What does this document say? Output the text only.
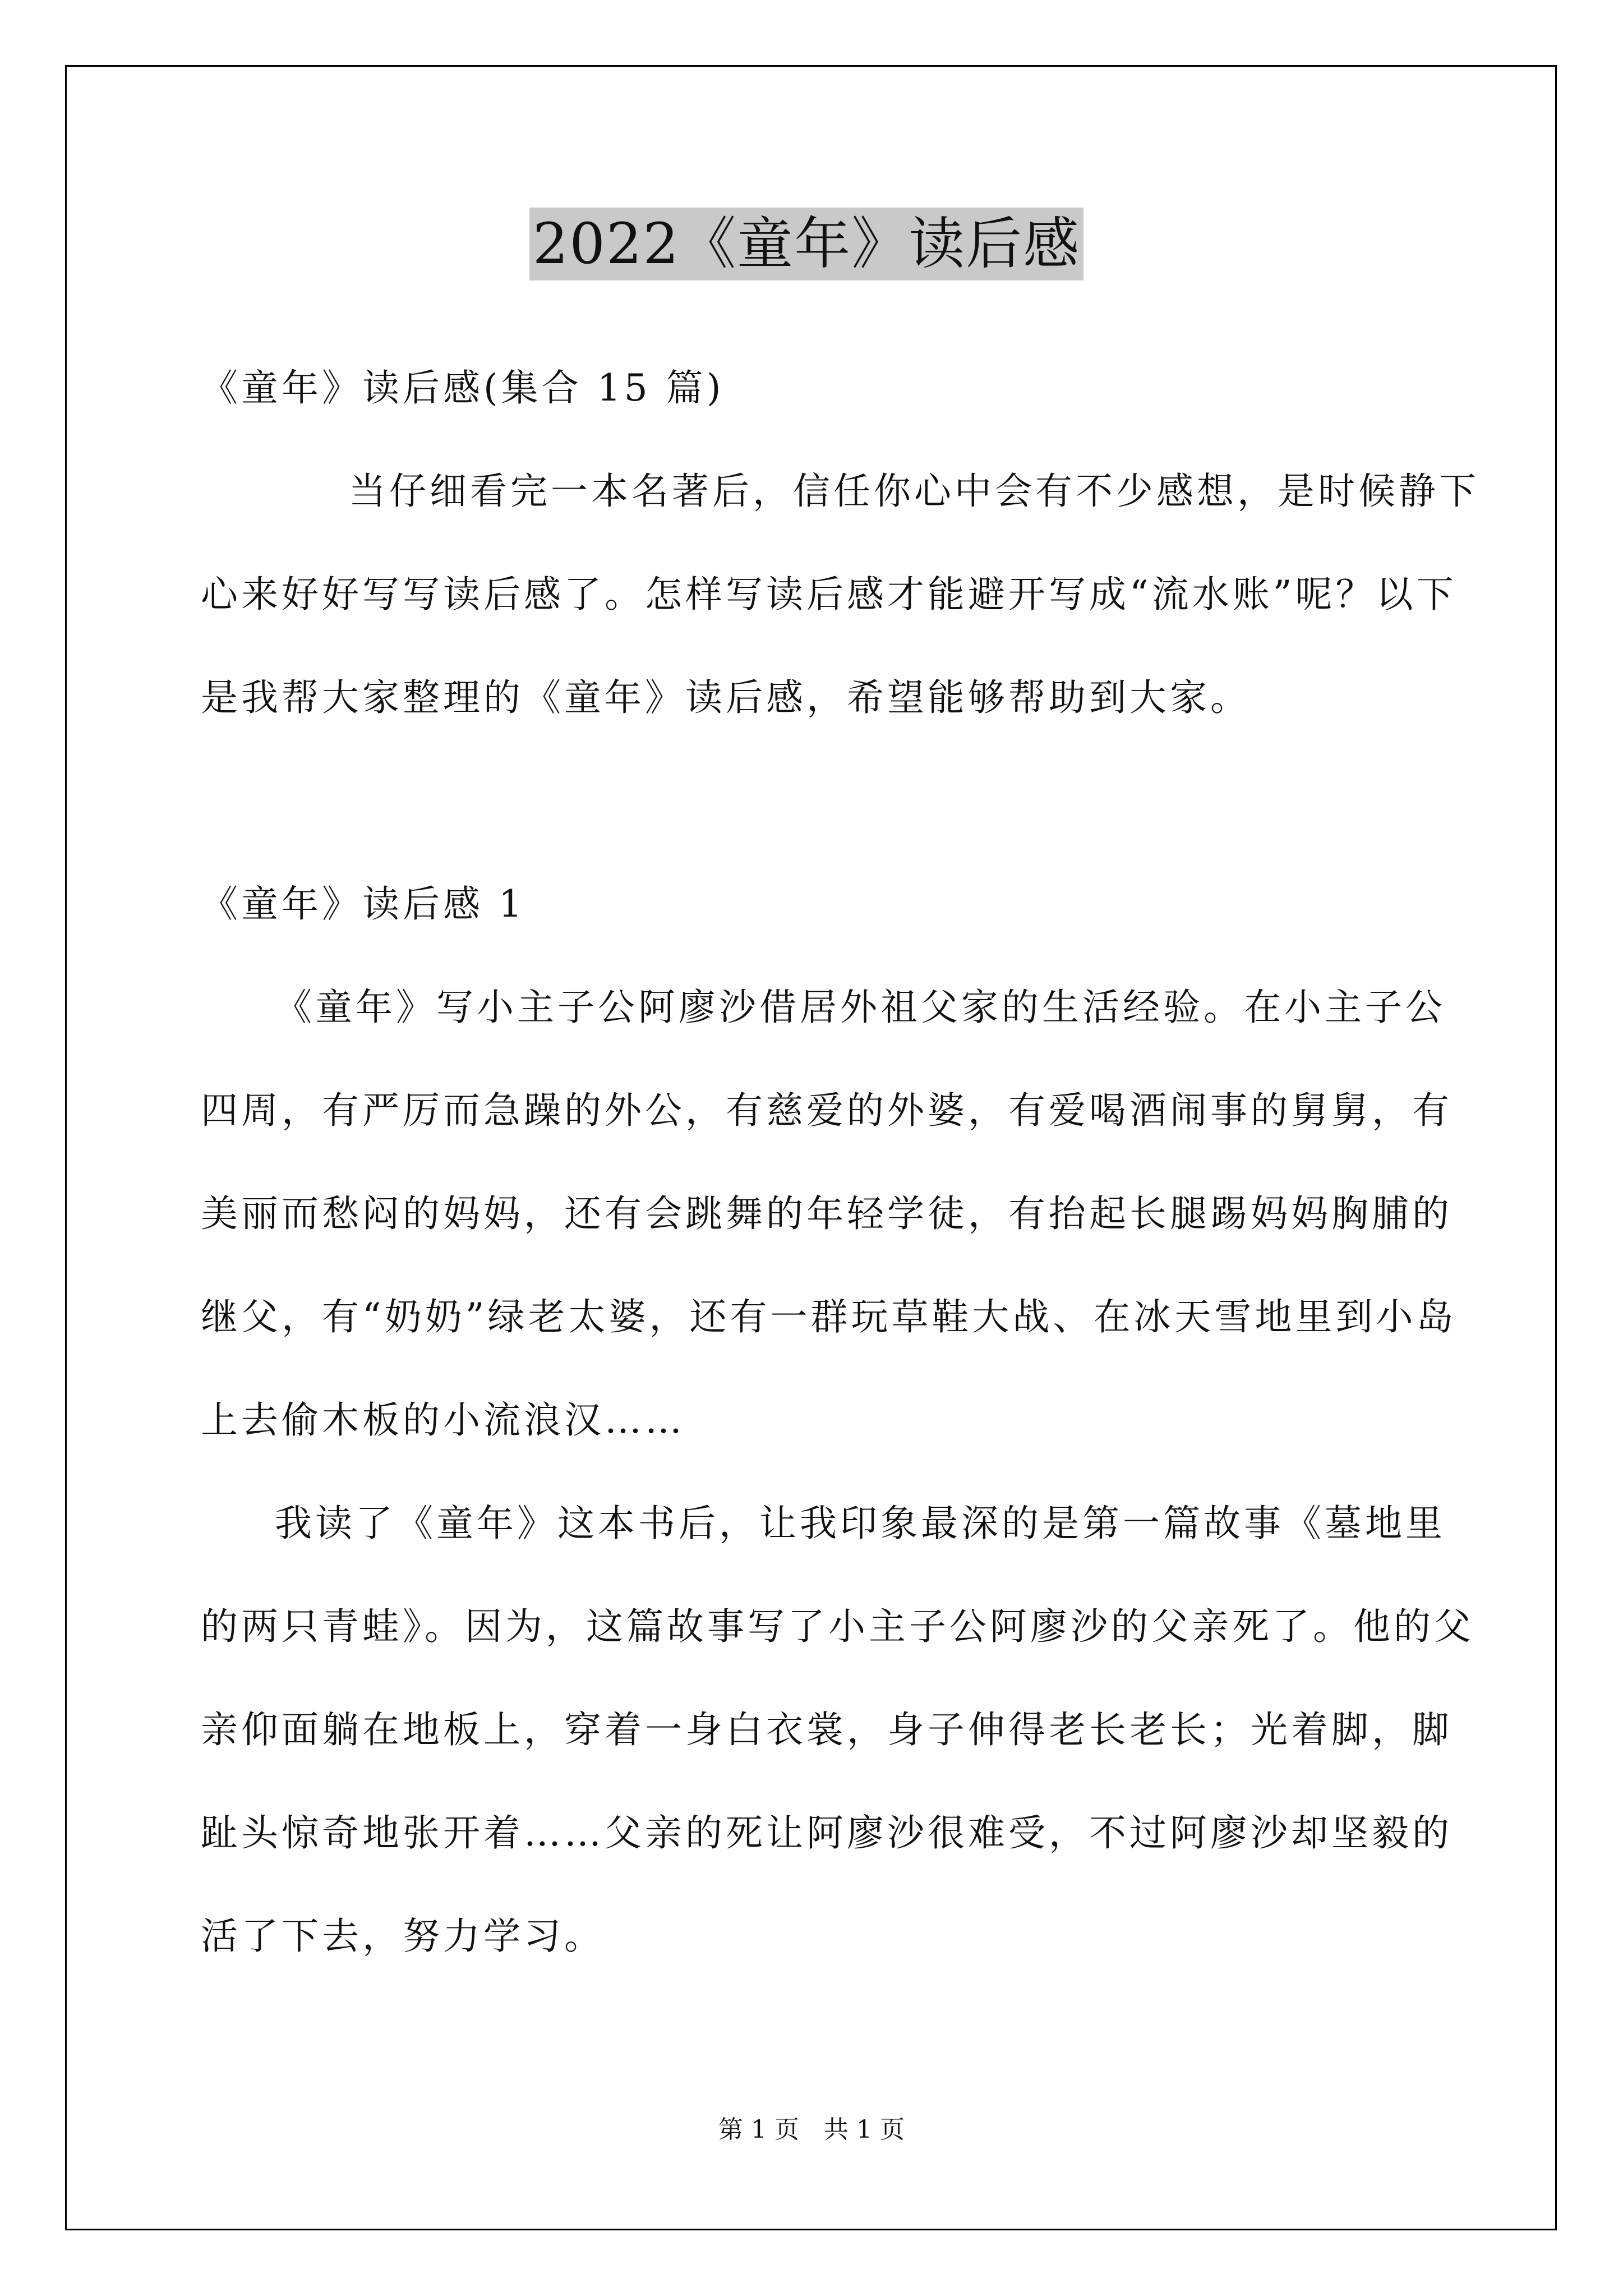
2022《童年》读后感

《童年》读后感(集合 15 篇)

当仔细看完一本名著后，信任你心中会有不少感想，是时候静下心来好好写写读后感了。怎样写读后感才能避开写成“流水账”呢？以下是我帮大家整理的《童年》读后感，希望能够帮助到大家。

《童年》读后感 1

《童年》写小主子公阿廖沙借居外祖父家的生活经验。在小主子公四周，有严厉而急躁的外公，有慈爱的外婆，有爱喝酒闹事的舅舅，有美丽而愁闷的妈妈，还有会跳舞的年轻学徒，有抬起长腿踢妈妈胸脯的继父，有“奶奶”绿老太婆，还有一群玩草鞋大战、在冰天雪地里到小岛上去偷木板的小流浪汉……

我读了《童年》这本书后，让我印象最深的是第一篇故事《墓地里的两只青蛙》。因为，这篇故事写了小主子公阿廖沙的父亲死了。他的父亲仰面躺在地板上，穿着一身白衣裳，身子伸得老长老长；光着脚，脚趾头惊奇地张开着……父亲的死让阿廖沙很难受，不过阿廖沙却坚毅的活了下去，努力学习。

第 1 页　共 1 页
